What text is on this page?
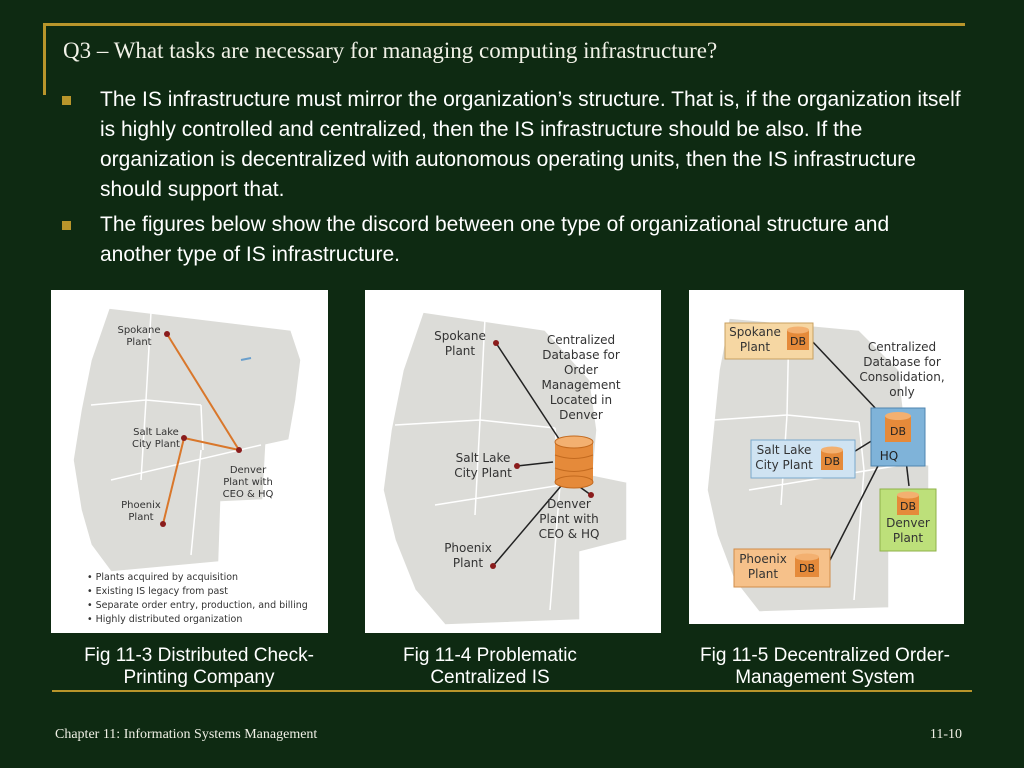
Q3 – What tasks are necessary for managing computing infrastructure?
The IS infrastructure must mirror the organization’s structure. That is, if the organization itself is highly controlled and centralized, then the IS infrastructure should be also. If the organization is decentralized with autonomous operating units, then the IS infrastructure should support that.
The figures below show the discord between one type of organizational structure and another type of IS infrastructure.
Spokane Plant
Salt Lake City Plant
Denver Plant with CEO & HQ
Phoenix Plant
• Plants acquired by acquisition • Existing IS legacy from past • Separate order entry, production, and billing • Highly distributed organization
Spokane Plant
Salt Lake City Plant
Phoenix Plant
Denver Plant with CEO & HQ
Centralized Database for Order Management Located in Denver
Spokane Plant	DB
Salt Lake City Plant DB
DB
HQ
DB
Denver Plant
Phoenix Plant	DB
Centralized Database for Consolidation, only
Fig 11-3 Distributed Check-
Printing Company
Fig 11-4 Problematic
Centralized IS
Fig 11-5 Decentralized Order-
Management System
Chapter 11: Information Systems Management	11-10
